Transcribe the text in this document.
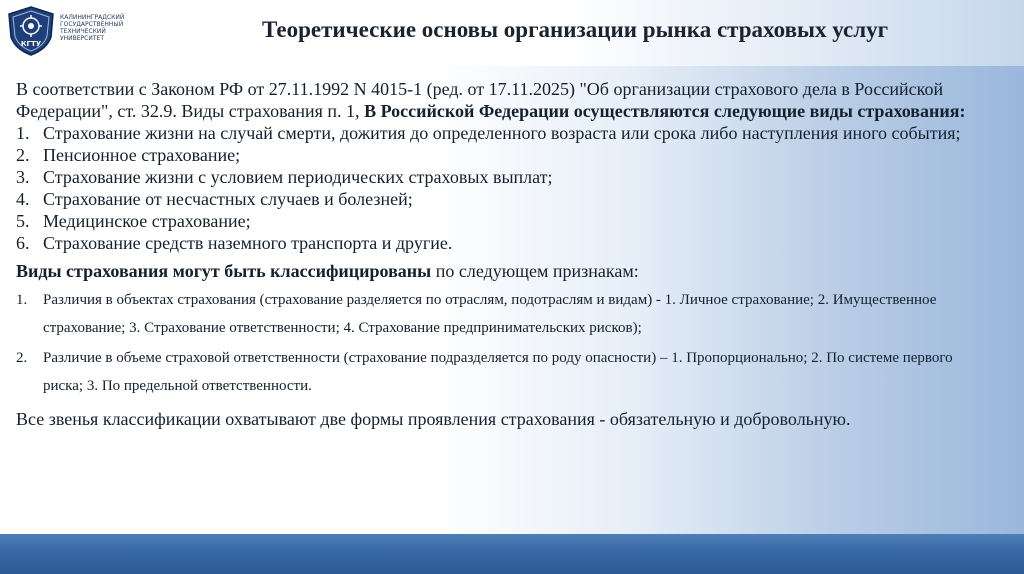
КГТУ
КАЛИНИНГРАДСКИЙ
ГОСУДАРСТВЕННЫЙ
ТЕХНИЧЕСКИЙ
УНИВЕРСИТЕТ	Теоретические основы организации рынка страховых услуг
В соответствии с Законом РФ от 27.11.1992 N 4015-1 (ред. от 17.11.2025) "Об организации страхового дела в Российской Федерации", ст. 32.9. Виды страхования п. 1, В Российской Федерации осуществляются следующие виды страхования:
1. Страхование жизни на случай смерти, дожития до определенного возраста или срока либо наступления иного события;
2. Пенсионное страхование;
3. Страхование жизни с условием периодических страховых выплат;
4. Страхование от несчастных случаев и болезней;
5. Медицинское страхование;
6. Страхование средств наземного транспорта и другие.
Виды страхования могут быть классифицированы по следующем признакам:
1. Различия в объектах страхования (страхование разделяется по отраслям, подотраслям и видам) - 1. Личное страхование; 2. Имущественное страхование; 3. Страхование ответственности; 4. Страхование предпринимательских рисков);
2. Различие в объеме страховой ответственности (страхование подразделяется по роду опасности) – 1. Пропорционально; 2. По системе первого риска; 3. По предельной ответственности.
Все звенья классификации охватывают две формы проявления страхования - обязательную и добровольную.
